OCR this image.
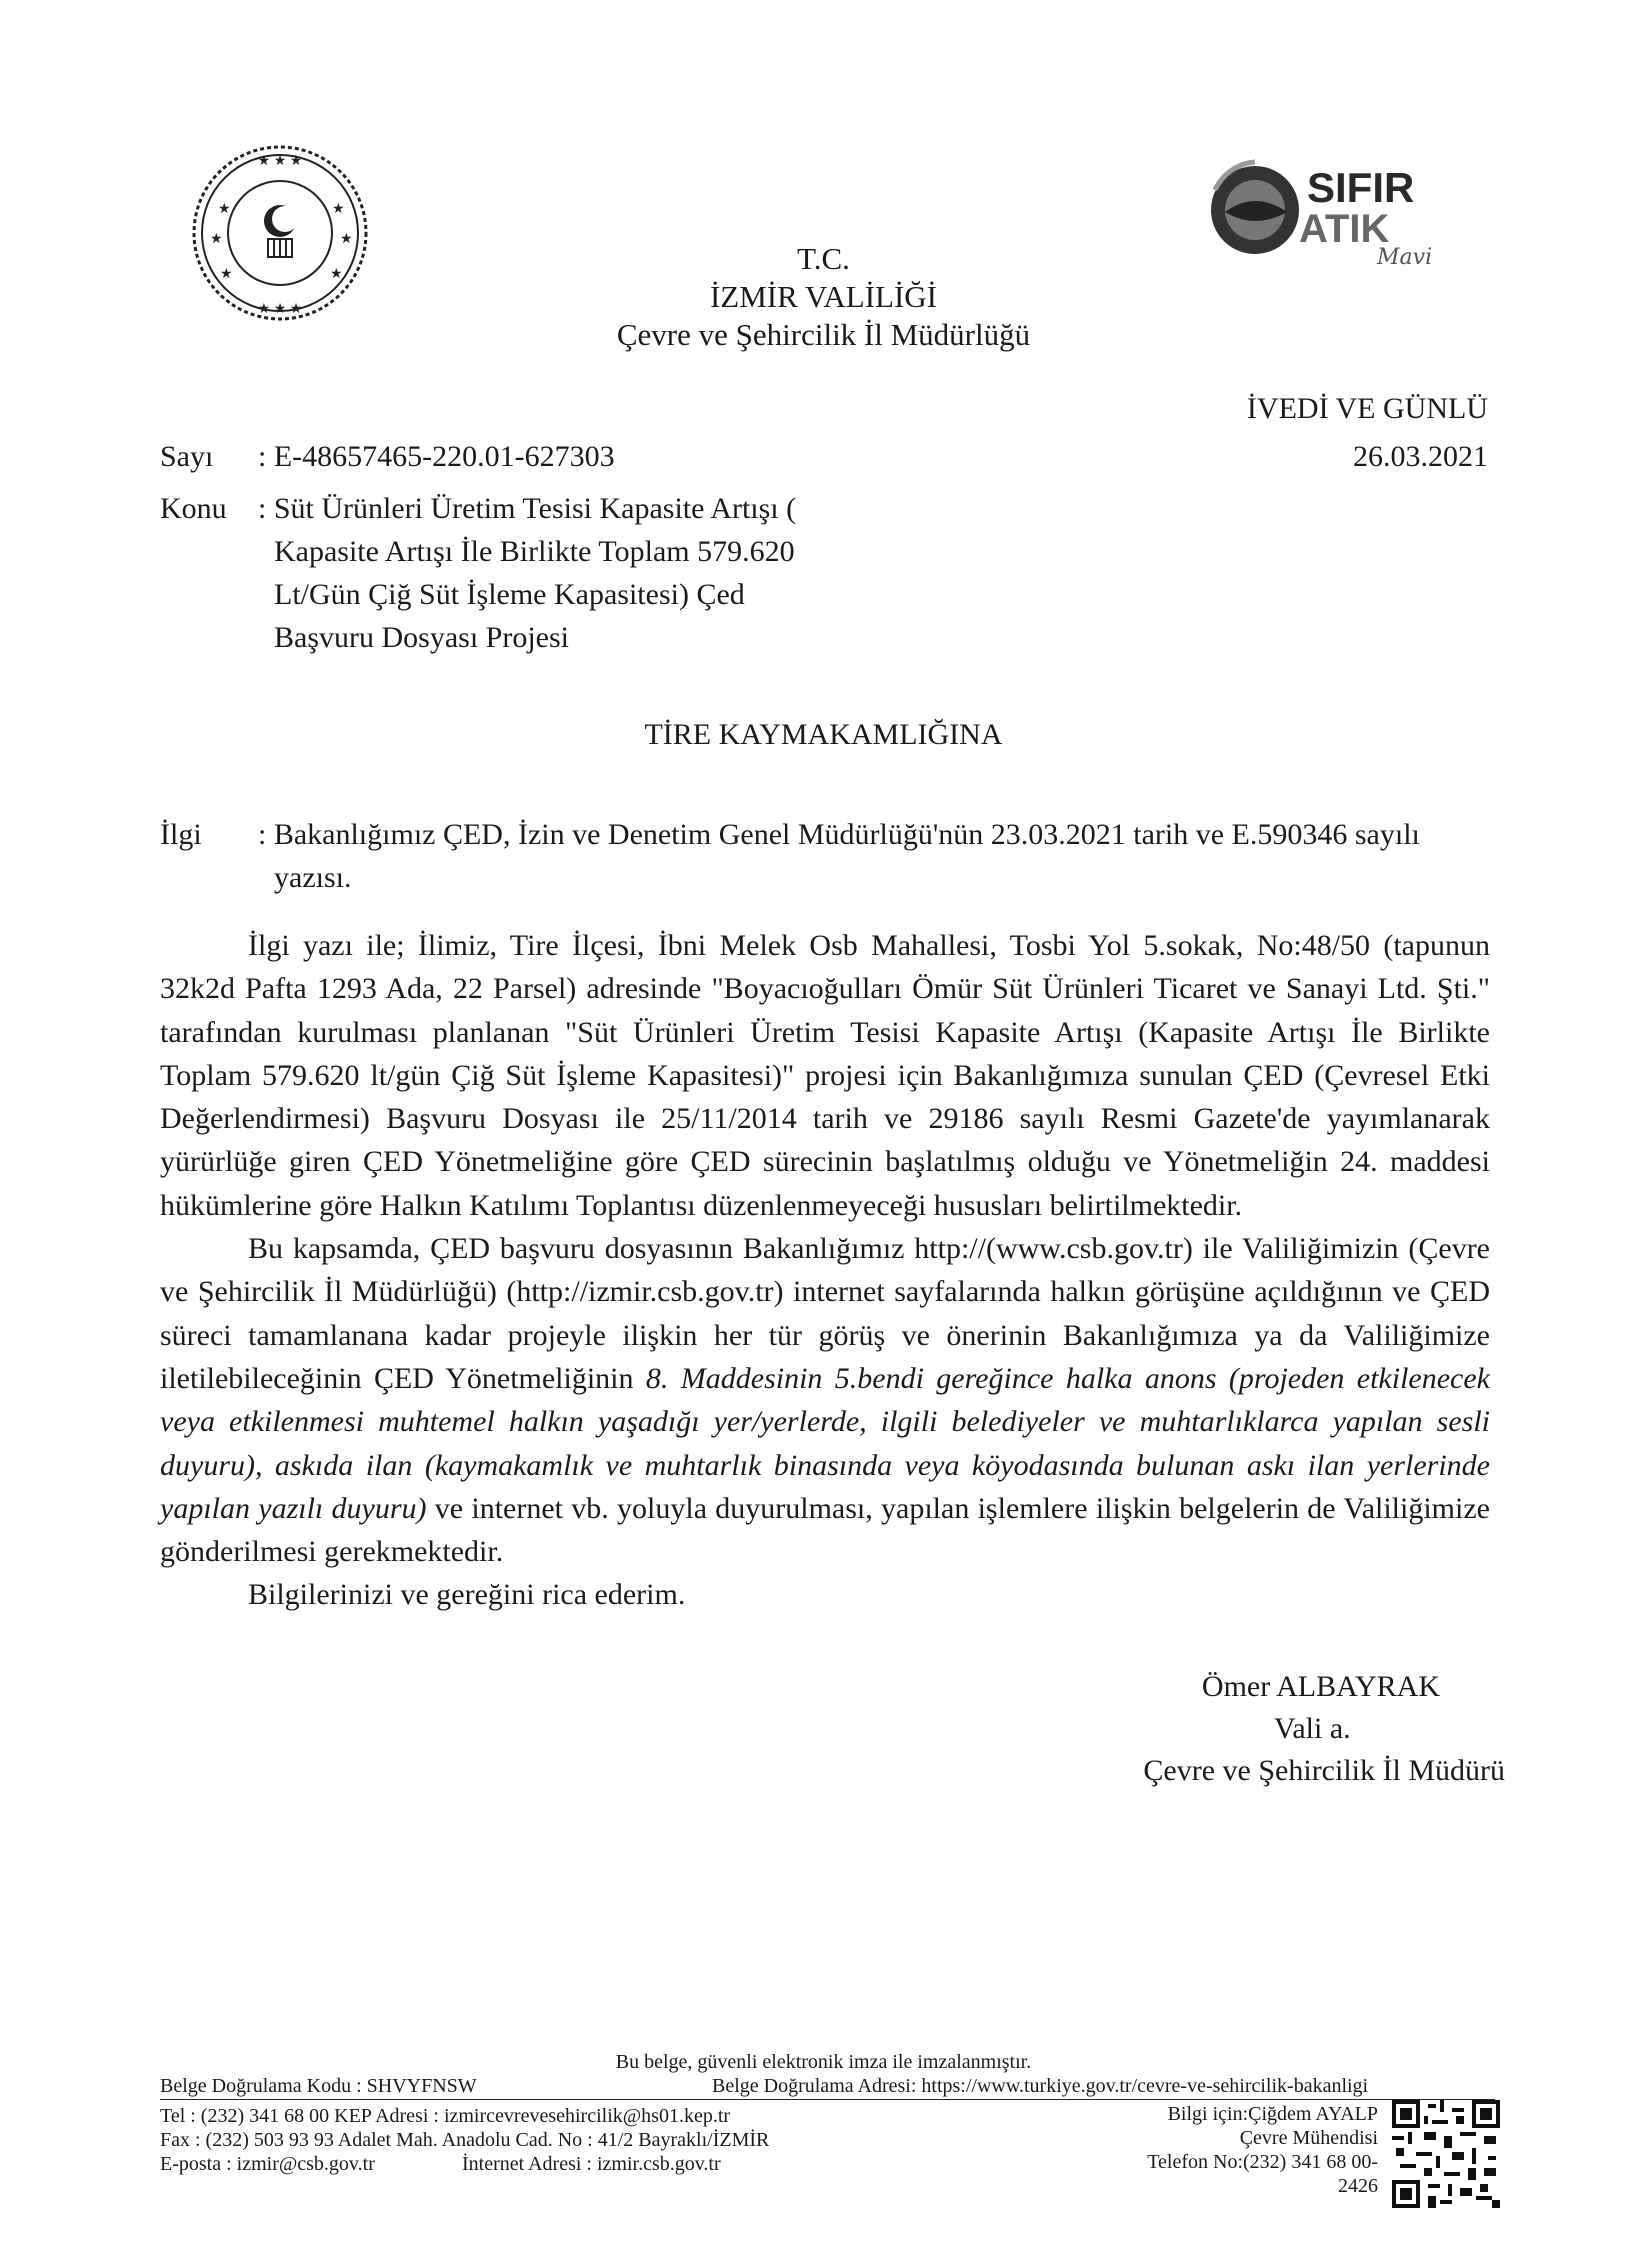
★ ★ ★
★	★
★	★
★	★
★ ★ ★
SIFIR
ATIK
Mavi
T.C.
İZMİR VALİLİĞİ
Çevre ve Şehircilik İl Müdürlüğü
İVEDİ VE GÜNLÜ
26.03.2021
Sayı : E-48657465-220.01-627303
Konu : Süt Ürünleri Üretim Tesisi Kapasite Artışı (
Kapasite Artışı İle Birlikte Toplam 579.620
Lt/Gün Çiğ Süt İşleme Kapasitesi) Çed
Başvuru Dosyası Projesi
TİRE KAYMAKAMLIĞINA
İlgi : Bakanlığımız ÇED, İzin ve Denetim Genel Müdürlüğü'nün 23.03.2021 tarih ve E.590346 sayılı
yazısı.

İlgi yazı ile; İlimiz, Tire İlçesi, İbni Melek Osb Mahallesi, Tosbi Yol 5.sokak, No:48/50 (tapunun 32k2d Pafta 1293 Ada, 22 Parsel) adresinde "Boyacıoğulları Ömür Süt Ürünleri Ticaret ve Sanayi Ltd. Şti." tarafından kurulması planlanan "Süt Ürünleri Üretim Tesisi Kapasite Artışı (Kapasite Artışı İle Birlikte Toplam 579.620 lt/gün Çiğ Süt İşleme Kapasitesi)" projesi için Bakanlığımıza sunulan ÇED (Çevresel Etki Değerlendirmesi) Başvuru Dosyası ile 25/11/2014 tarih ve 29186 sayılı Resmi Gazete'de yayımlanarak yürürlüğe giren ÇED Yönetmeliğine göre ÇED sürecinin başlatılmış olduğu ve Yönetmeliğin 24. maddesi hükümlerine göre Halkın Katılımı Toplantısı düzenlenmeyeceği hususları belirtilmektedir.

Bu kapsamda, ÇED başvuru dosyasının Bakanlığımız http://(www.csb.gov.tr) ile Valiliğimizin (Çevre ve Şehircilik İl Müdürlüğü) (http://izmir.csb.gov.tr) internet sayfalarında halkın görüşüne açıldığının ve ÇED süreci tamamlanana kadar projeyle ilişkin her tür görüş ve önerinin Bakanlığımıza ya da Valiliğimize iletilebileceğinin ÇED Yönetmeliğinin 8. Maddesinin 5.bendi gereğince halka anons (projeden etkilenecek veya etkilenmesi muhtemel halkın yaşadığı yer/yerlerde, ilgili belediyeler ve muhtarlıklarca yapılan sesli duyuru), askıda ilan (kaymakamlık ve muhtarlık binasında veya köyodasında bulunan askı ilan yerlerinde yapılan yazılı duyuru) ve internet vb. yoluyla duyurulması, yapılan işlemlere ilişkin belgelerin de Valiliğimize gönderilmesi gerekmektedir.

Bilgilerinizi ve gereğini rica ederim.

Ömer ALBAYRAK
Vali a.
Çevre ve Şehircilik İl Müdürü
Bu belge, güvenli elektronik imza ile imzalanmıştır.
Belge Doğrulama Kodu : SHVYFNSW	Belge Doğrulama Adresi: https://www.turkiye.gov.tr/cevre-ve-sehircilik-bakanligi
Tel : (232) 341 68 00 KEP Adresi : izmircevrevesehircilik@hs01.kep.tr
Fax : (232) 503 93 93 Adalet Mah. Anadolu Cad. No : 41/2 Bayraklı/İZMİR
E-posta : izmir@csb.gov.tr	İnternet Adresi : izmir.csb.gov.tr
Bilgi için:Çiğdem AYALP
Çevre Mühendisi
Telefon No:(232) 341 68 00-
2426
